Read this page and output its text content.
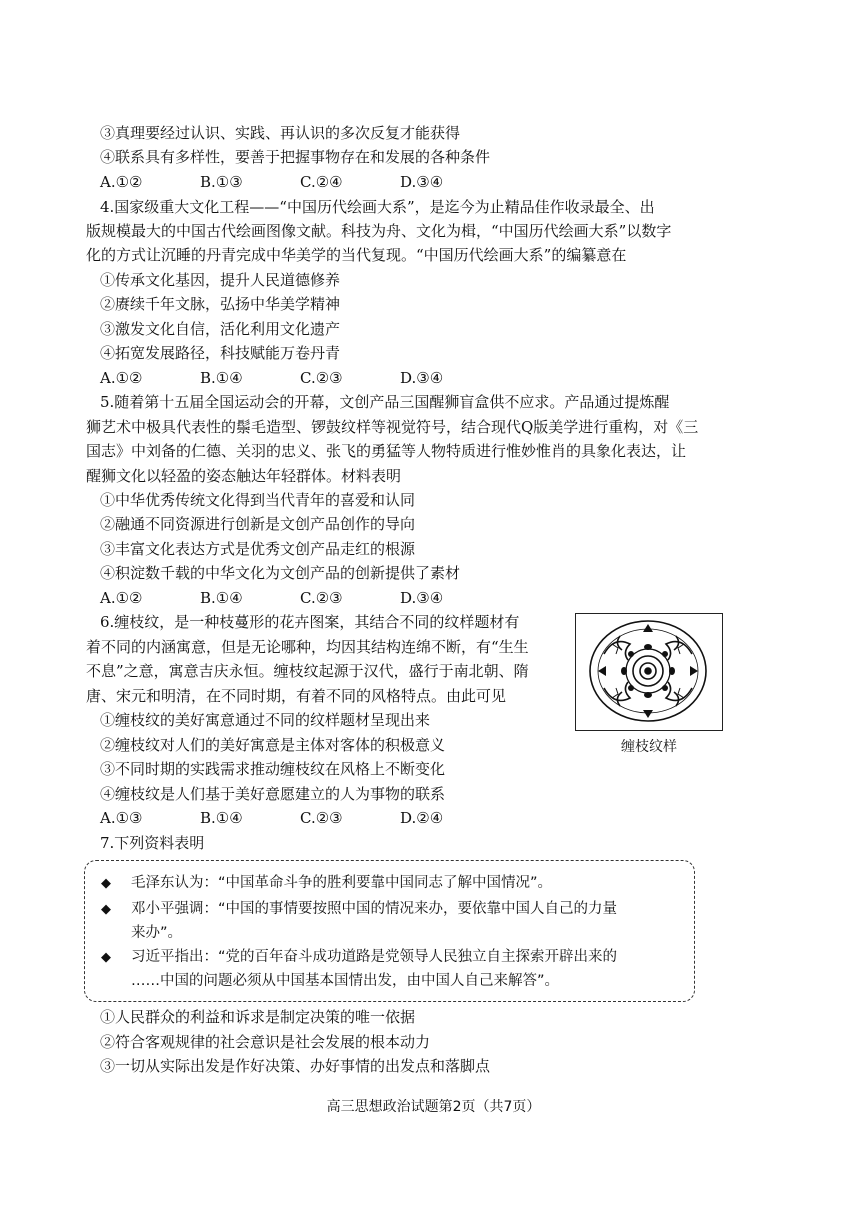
③真理要经过认识、实践、再认识的多次反复才能获得
④联系具有多样性，要善于把握事物存在和发展的各种条件
A.①②	B.①③	C.②④	D.③④
4.国家级重大文化工程——“中国历代绘画大系”，是迄今为止精品佳作收录最全、出
版规模最大的中国古代绘画图像文献。科技为舟、文化为楫，“中国历代绘画大系”以数字
化的方式让沉睡的丹青完成中华美学的当代复现。“中国历代绘画大系”的编纂意在
①传承文化基因，提升人民道德修养
②赓续千年文脉，弘扬中华美学精神
③激发文化自信，活化利用文化遗产
④拓宽发展路径，科技赋能万卷丹青
A.①②	B.①④	C.②③	D.③④
5.随着第十五届全国运动会的开幕，文创产品三国醒狮盲盒供不应求。产品通过提炼醒
狮艺术中极具代表性的鬃毛造型、锣鼓纹样等视觉符号，结合现代Q版美学进行重构，对《三
国志》中刘备的仁德、关羽的忠义、张飞的勇猛等人物特质进行惟妙惟肖的具象化表达，让
醒狮文化以轻盈的姿态触达年轻群体。材料表明
①中华优秀传统文化得到当代青年的喜爱和认同
②融通不同资源进行创新是文创产品创作的导向
③丰富文化表达方式是优秀文创产品走红的根源
④积淀数千载的中华文化为文创产品的创新提供了素材
A.①②	B.①④	C.②③	D.③④
6.缠枝纹，是一种枝蔓形的花卉图案，其结合不同的纹样题材有
着不同的内涵寓意，但是无论哪种，均因其结构连绵不断，有“生生
不息”之意，寓意吉庆永恒。缠枝纹起源于汉代，盛行于南北朝、隋
唐、宋元和明清，在不同时期，有着不同的风格特点。由此可见
①缠枝纹的美好寓意通过不同的纹样题材呈现出来
②缠枝纹对人们的美好寓意是主体对客体的积极意义
③不同时期的实践需求推动缠枝纹在风格上不断变化
④缠枝纹是人们基于美好意愿建立的人为事物的联系
A.①③	B.①④	C.②③	D.②④
缠枝纹样
7.下列资料表明
◆ 毛泽东认为：“中国革命斗争的胜利要靠中国同志了解中国情况”。
◆ 邓小平强调：“中国的事情要按照中国的情况来办，要依靠中国人自己的力量
来办”。
◆ 习近平指出：“党的百年奋斗成功道路是党领导人民独立自主探索开辟出来的
……中国的问题必须从中国基本国情出发，由中国人自己来解答”。
①人民群众的利益和诉求是制定决策的唯一依据
②符合客观规律的社会意识是社会发展的根本动力
③一切从实际出发是作好决策、办好事情的出发点和落脚点
高三思想政治试题第2页（共7页）
